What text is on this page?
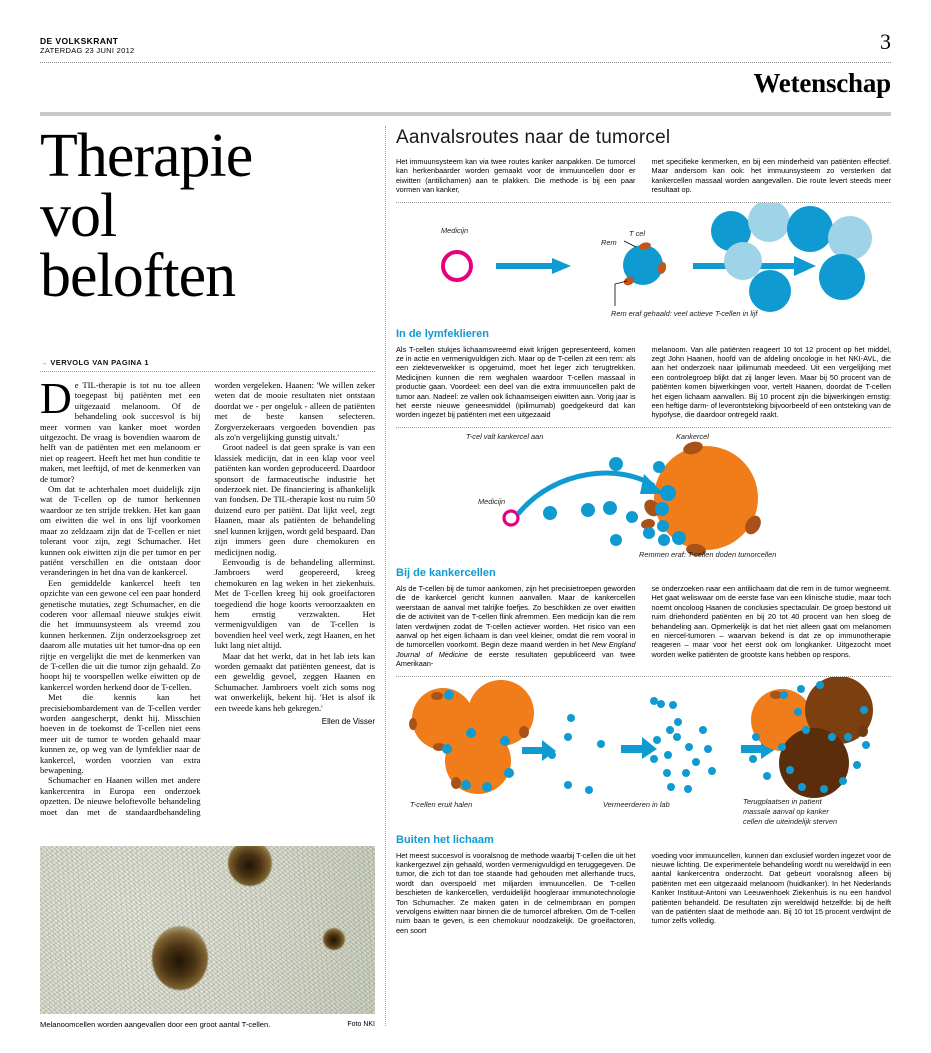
DE VOLKSKRANT
ZATERDAG 23 JUNI 2012	3
Wetenschap
Therapie
vol
beloften
→ VERVOLG VAN PAGINA 1

De TIL-therapie is tot nu toe alleen toegepast bij patiënten met een uitgezaaid melanoom. Of de behandeling ook succesvol is bij meer vormen van kanker moet worden uitgezocht. De vraag is bovendien waarom de helft van de patiënten met een melanoom er niet op reageert. Heeft het met hun conditie te maken, met leeftijd, of met de kenmerken van de tumor?

Om dat te achterhalen moet duidelijk zijn wat de T-cellen op de tumor herkennen waardoor ze ten strijde trekken. Het kan gaan om eiwitten die wel in ons lijf voorkomen maar zo zeldzaam zijn dat de T-cellen er niet tolerant voor zijn, zegt Schumacher. Het kunnen ook eiwitten zijn die per tumor en per patiënt verschillen en die ontstaan door veranderingen in het dna van de kankercel.

Een gemiddelde kankercel heeft ten opzichte van een gewone cel een paar honderd genetische mutaties, zegt Schumacher, en die coderen voor allemaal nieuwe stukjes eiwit die het immuunsysteem als vreemd zou kunnen herkennen. Zijn onderzoeksgroep zet daarom alle mutaties uit het tumor-dna op een rijtje en vergelijkt die met de kenmerken van de T-cellen die uit die tumor zijn gehaald. Zo hoopt hij te voorspellen welke eiwitten op de kankercel worden herkend door de T-cellen.

Met die kennis kan het precisiebombardement van de T-cellen verder worden aangescherpt, denkt hij. Misschien hoeven in de toekomst de T-cellen niet eens meer uit de tumor te worden gehaald maar kunnen ze, op weg van de lymfeklier naar de kankercel, worden voorzien van extra bewapening.

Schumacher en Haanen willen met andere kankercentra in Europa een onderzoek opzetten. De nieuwe beloftevolle behandeling moet dan met de standaardbehandeling worden vergeleken. Haanen: 'We willen zeker weten dat de mooie resultaten niet ontstaan doordat we - per ongeluk - alleen de patiënten met de beste kansen selecteren. Zorgverzekeraars vergoeden bovendien pas als zo'n vergelijking gunstig uitvalt.'

Groot nadeel is dat geen sprake is van een klassiek medicijn, dat in een klap voor veel patiënten kan worden geproduceerd. Daardoor sponsort de farmaceutische industrie het onderzoek niet. De financiering is afhankelijk van fondsen. De TIL-therapie kost nu ruim 50 duizend euro per patiënt. Dat lijkt veel, zegt Haanen, maar als patiënten de behandeling snel kunnen krijgen, wordt geld bespaard. Dan zijn immers geen dure chemokuren en medicijnen nodig.

Eenvoudig is de behandeling allerminst. Jambroers werd geopereerd, kreeg chemokuren en lag weken in het ziekenhuis. Met de T-cellen kreeg hij ook groeifactoren toegediend die hoge koorts veroorzaakten en hem ernstig verzwakten. Het vermenigvuldigen van de T-cellen is bovendien heel veel werk, zegt Haanen, en het lukt lang niet altijd.

Maar dat het werkt, dat in het lab iets kan worden gemaakt dat patiënten geneest, dat is een geweldig gevoel, zeggen Haanen en Schumacher. Jambroers voelt zich soms nog wat onwerkelijk, bekent hij. 'Het is alsof ik een tweede kans heb gekregen.'

Ellen de Visser
Melanoomcellen worden aangevallen door een groot aantal T-cellen.	Foto NKI
Aanvalsroutes naar de tumorcel

Het immuunsysteem kan via twee routes kanker aanpakken. De tumorcel kan herkenbaarder worden gemaakt voor de immuuncellen door er eiwitten (antilichamen) aan te plakken. Die methode is bij een paar vormen van kanker,

met specifieke kenmerken, en bij een minderheid van patiënten effectief. Maar andersom kan ook: het immuunsysteem zo versterken dat kankercellen massaal worden aangevallen. Die route levert steeds meer resultaat op.

Medicijn	T cel
Rem
Rem eraf gehaald: veel actieve T-cellen in lijf
In de lymfeklieren

Als T-cellen stukjes lichaamsvreemd eiwit krijgen gepresenteerd, komen ze in actie en vermenigvuldigen zich. Maar op de T-cellen zit een rem: als een ziekteverwekker is opgeruimd, moet het leger zich terugtrekken. Medicijnen kunnen die rem weghalen waardoor T-cellen massaal in productie gaan. Voordeel: een deel van die extra immuuncellen pakt de tumor aan. Nadeel: ze vallen ook lichaamseigen eiwitten aan. Vorig jaar is het eerste nieuwe geneesmiddel (ipilimumab) goedgekeurd dat kan worden ingezet bij patiënten met een uitgezaaid

melanoom. Van alle patiënten reageert 10 tot 12 procent op het middel, zegt John Haanen, hoofd van de afdeling oncologie in het NKI-AVL, die aan het onderzoek naar ipilimumab meedeed. Uit een vergelijking met een controlegroep blijkt dat zij langer leven. Maar bij 50 procent van de patiënten komen bijwerkingen voor, vertelt Haanen, doordat de T-cellen het eigen lichaam aanvallen. Bij 10 procent zijn die bijwerkingen ernstig: een heftige darm- of leverontsteking bijvoorbeeld of een ontsteking van de hypofyse, die daardoor ontregeld raakt.

T-cel valt kankercel aan	Kankercel
Medicijn
Remmen eraf: T-cellen doden tumorcellen
Bij de kankercellen

Als de T-cellen bij de tumor aankomen, zijn het precisietroepen geworden die de kankercel gericht kunnen aanvallen. Maar de kankercellen weerstaan de aanval met talrijke foefjes. Zo beschikken ze over eiwitten die de activiteit van de T-cellen flink afremmen. Een medicijn kan die rem laten verdwijnen zodat de T-cellen actiever worden. Het risico van een aanval op het eigen lichaam is dan veel kleiner, omdat die rem vooral in de tumorcellen voorkomt. Begin deze maand werden in het New England Journal of Medicine de eerste resultaten gepubliceerd van twee Amerikaan-

se onderzoeken naar een antilichaam dat die rem in de tumor wegneemt. Het gaat weliswaar om de eerste fase van een klinische studie, maar toch noemt oncoloog Haanen de conclusies spectaculair. De groep bestond uit ruim driehonderd patiënten en bij 20 tot 40 procent van hen sloeg de behandeling aan. Opmerkelijk is dat het niet alleen gaat om melanomen en niercel-tumoren – waarvan bekend is dat ze op immunotherapie reageren – maar voor het eerst ook om longkanker. Uitgezocht moet worden welke patiënten de grootste kans hebben op respons.

T-cellen eruit halen	Vermeerderen in lab	Terugplaatsen in patient
massale aanval op kanker
cellen die uiteindelijk sterven
Buiten het lichaam

Het meest succesvol is vooralsnog de methode waarbij T-cellen die uit het kankergezwel zijn gehaald, worden vermenigvuldigd en teruggegeven. De tumor, die zich tot dan toe staande had gehouden met allerhande trucs, wordt dan overspoeld met miljarden immuuncellen. De T-cellen beschieten de kankercellen, verduidelijkt hoogleraar immunotechnologie Ton Schumacher. Ze maken gaten in de celmembraan en pompen vervolgens eiwitten naar binnen die de tumorcel afbreken. Om de T-cellen ruim baan te geven, is een chemokuur noodzakelijk. De groeifactoren, een soort

voeding voor immuuncellen, kunnen dan exclusief worden ingezet voor de nieuwe lichting. De experimentele behandeling wordt nu wereldwijd in een aantal kankercentra onderzocht. Dat gebeurt vooralsnog alleen bij patiënten met een uitgezaaid melanoom (huidkanker). In het Nederlands Kanker Instituut-Antoni van Leeuwenhoek Ziekenhuis is nu een handvol patiënten behandeld. De resultaten zijn wereldwijd hetzelfde: bij de helft van de patiënten slaat de methode aan. Bij 10 tot 15 procent verdwijnt de tumor zelfs volledig.
